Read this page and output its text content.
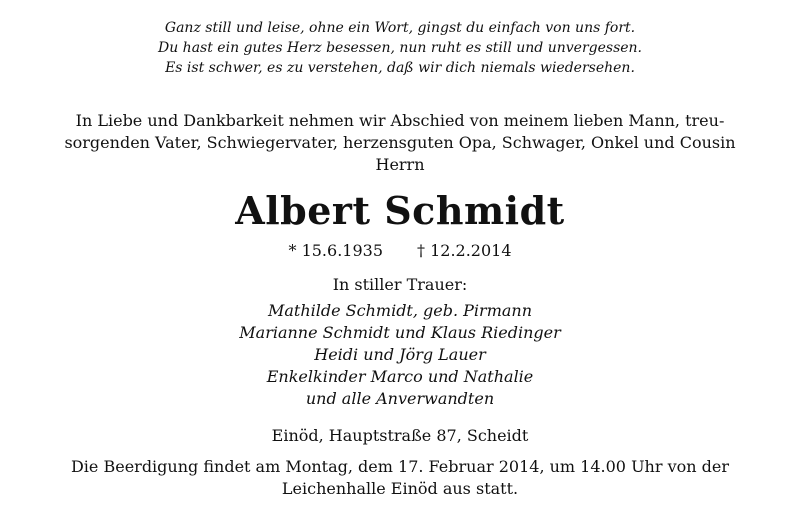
Ganz still und leise, ohne ein Wort, gingst du einfach von uns fort.
Du hast ein gutes Herz besessen, nun ruht es still und unvergessen.
Es ist schwer, es zu verstehen, daß wir dich niemals wiedersehen.
In Liebe und Dankbarkeit nehmen wir Abschied von meinem lieben Mann, treu-
sorgenden Vater, Schwiegervater, herzensguten Opa, Schwager, Onkel und Cousin
Herrn
Albert Schmidt
* 15.6.1935 † 12.2.2014
In stiller Trauer:
Mathilde Schmidt, geb. Pirmann
Marianne Schmidt und Klaus Riedinger
Heidi und Jörg Lauer
Enkelkinder Marco und Nathalie
und alle Anverwandten
Einöd, Hauptstraße 87, Scheidt
Die Beerdigung findet am Montag, dem 17. Februar 2014, um 14.00 Uhr von der
Leichenhalle Einöd aus statt.
